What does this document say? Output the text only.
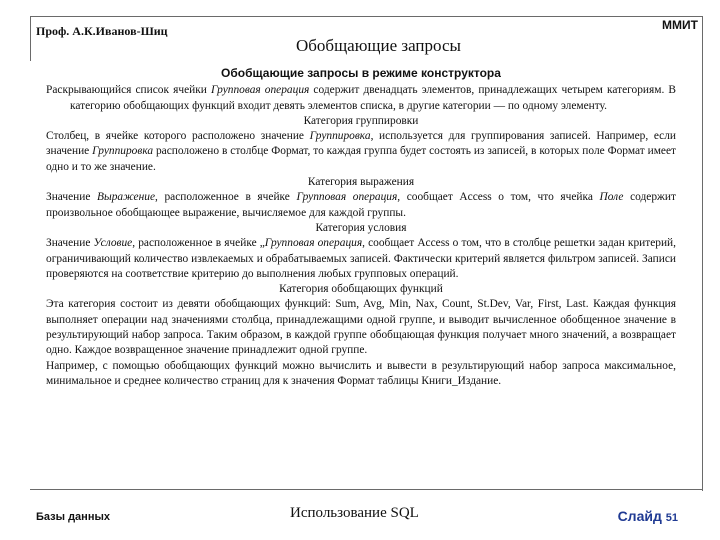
Проф. А.К.Иванов-Шиц
Обобщающие запросы
ММИТ
Обобщающие запросы в режиме конструктора

Раскрывающийся список ячейки Групповая операция содержит двенадцать элементов, принадлежащих четырем категориям. В категорию обобщающих функций входит девять элементов списка, в другие категории — по одному элементу.

Категория группировки

Столбец, в ячейке которого расположено значение Группировка, используется для группирования записей. Например, если значение Группировка расположено в столбце Формат, то каждая группа будет состоять из записей, в которых поле Формат имеет одно и то же значение.

Категория выражения

Значение Выражение, расположенное в ячейке Групповая операция, сообщает Access о том, что ячейка Поле содержит произвольное обобщающее выражение, вычисляемое для каждой группы.

Категория условия

Значение Условие, расположенное в ячейке „Групповая операция, сообщает Access о том, что в столбце решетки задан критерий, ограничивающий количество извлекаемых и обрабатываемых записей. Фактически критерий является фильтром записей. Записи проверяются на соответствие критерию до выполнения любых групповых операций.

Категория обобщающих функций

Эта категория состоит из девяти обобщающих функций: Sum, Avg, Min, Nax, Count, St.Dev, Var, First, Last. Каждая функция выполняет операции над значениями столбца, принадлежащими одной группе, и выводит вычисленное обобщенное значение в результирующий набор запроса. Таким образом, в каждой группе обобщающая функция получает много значений, а возвращает одно. Каждое возвращенное значение принадлежит одной группе.

Например, с помощью обобщающих функций можно вычислить и вывести в результирующий набор запроса максимальное, минимальное и среднее количество страниц для к значения Формат таблицы Книги_Издание.

Базы данных	Использование SQL	Слайд 51
